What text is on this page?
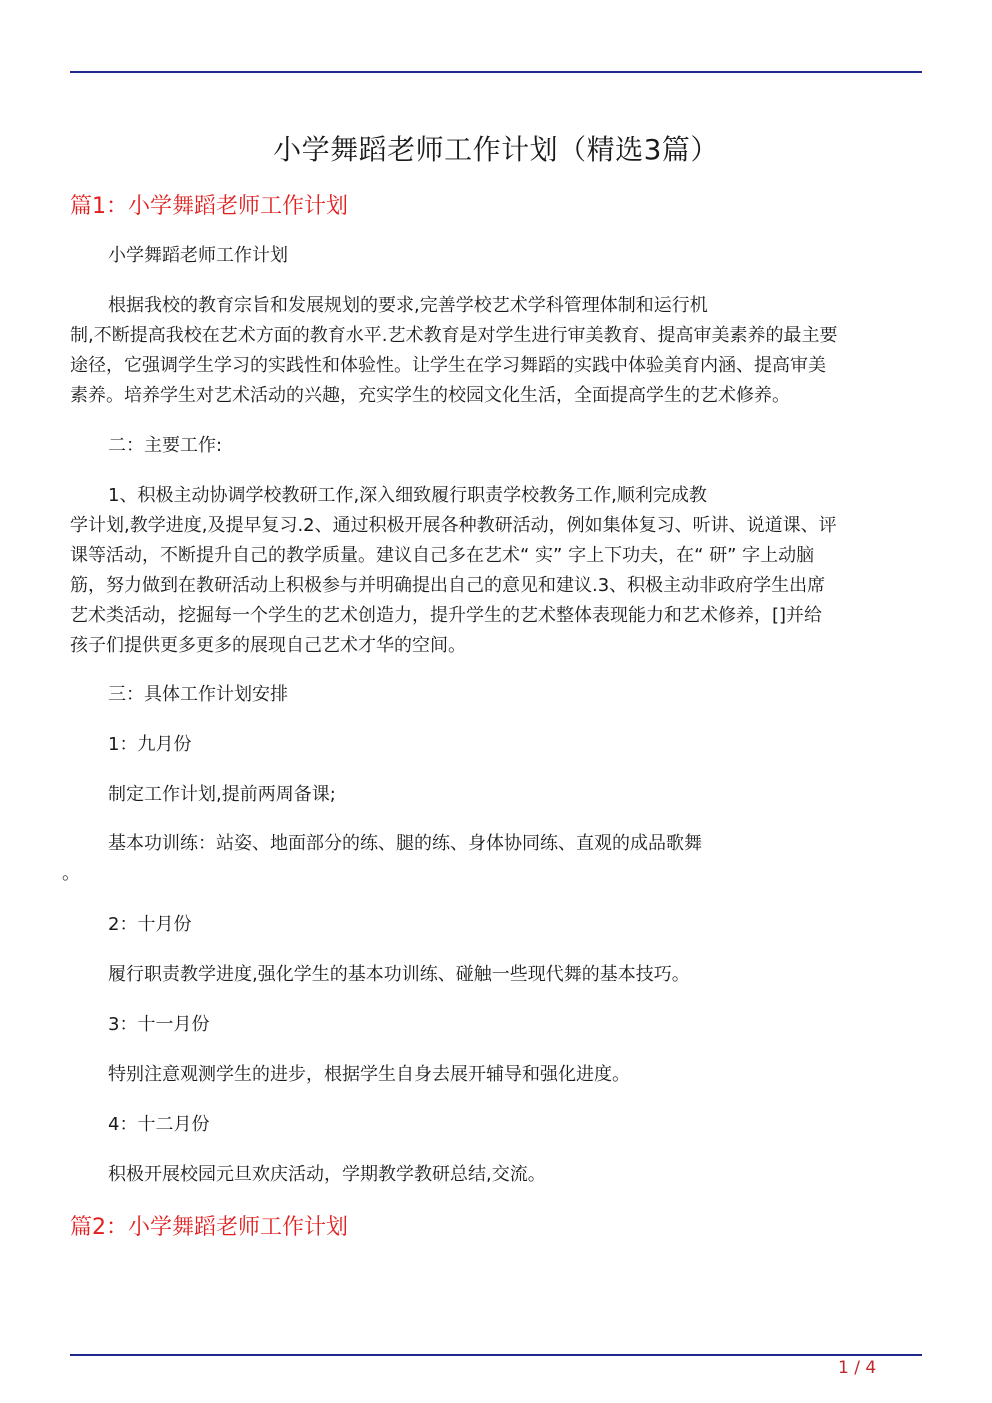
小学舞蹈老师工作计划（精选3篇）
篇1：小学舞蹈老师工作计划
小学舞蹈老师工作计划
根据我校的教育宗旨和发展规划的要求,完善学校艺术学科管理体制和运行机
制,不断提高我校在艺术方面的教育水平.艺术教育是对学生进行审美教育、提高审美素养的最主要
途径，它强调学生学习的实践性和体验性。让学生在学习舞蹈的实践中体验美育内涵、提高审美
素养。培养学生对艺术活动的兴趣，充实学生的校园文化生活，全面提高学生的艺术修养。
二：主要工作:
1、积极主动协调学校教研工作,深入细致履行职责学校教务工作,顺利完成教
学计划,教学进度,及提早复习.2、通过积极开展各种教研活动，例如集体复习、听讲、说道课、评
课等活动，不断提升自己的教学质量。建议自己多在艺术“ 实” 字上下功夫，在“ 研” 字上动脑
筋，努力做到在教研活动上积极参与并明确提出自己的意见和建议.3、积极主动非政府学生出席
艺术类活动，挖掘每一个学生的艺术创造力，提升学生的艺术整体表现能力和艺术修养，[]并给
孩子们提供更多更多的展现自己艺术才华的空间。
三：具体工作计划安排
1：九月份
制定工作计划,提前两周备课;
基本功训练：站姿、地面部分的练、腿的练、身体协同练、直观的成品歌舞
。
2：十月份
履行职责教学进度,强化学生的基本功训练、碰触一些现代舞的基本技巧。
3：十一月份
特别注意观测学生的进步，根据学生自身去展开辅导和强化进度。
4：十二月份
积极开展校园元旦欢庆活动，学期教学教研总结,交流。
篇2：小学舞蹈老师工作计划
1 / 4
